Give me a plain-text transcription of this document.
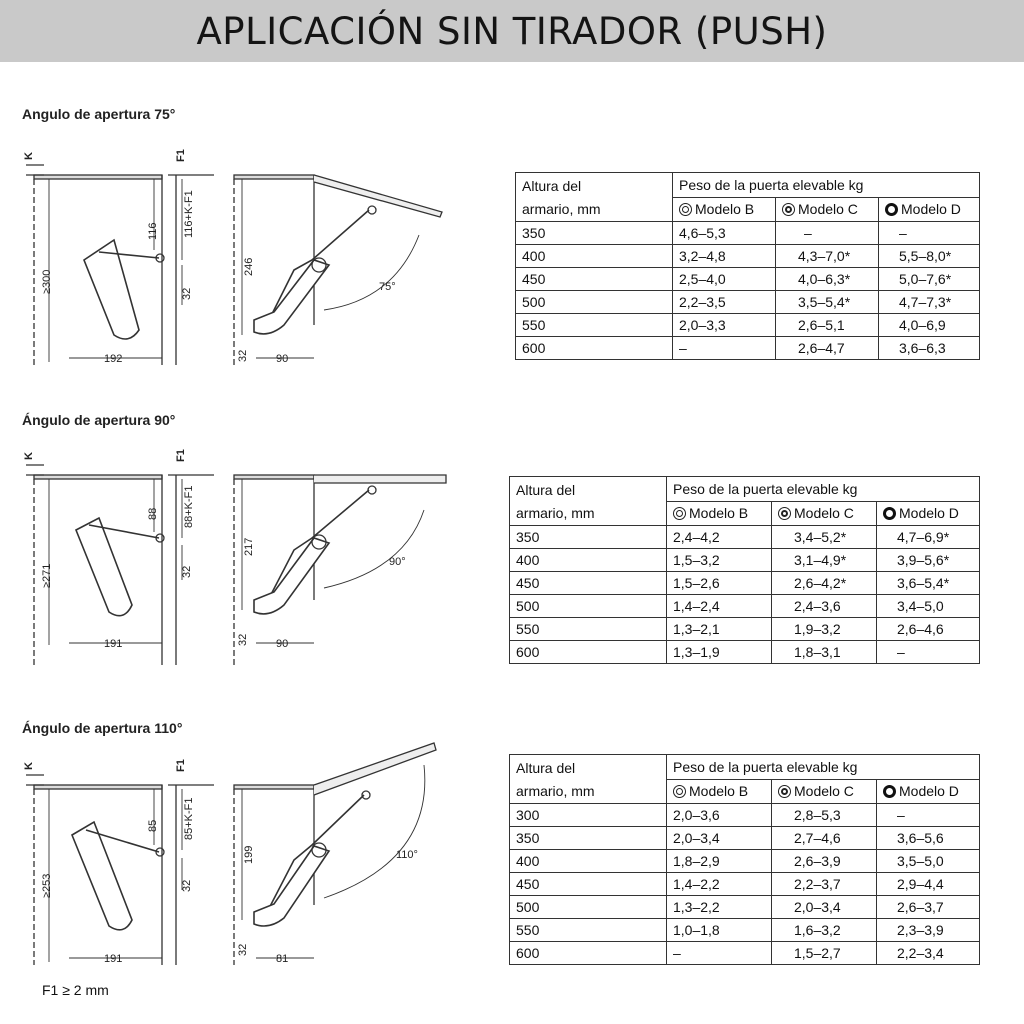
APLICACIÓN SIN TIRADOR (PUSH)
Angulo de apertura 75°
K	F1
116 116+K-F1
≥300	32
192
246
32 90
75°
Altura del
armario, mm	Peso de la puerta elevable kg		
	Modelo B	Modelo C	Modelo D
350	4,6–5,3	–	–
400	3,2–4,8	4,3–7,0*	5,5–8,0*
450	2,5–4,0	4,0–6,3*	5,0–7,6*
500	2,2–3,5	3,5–5,4*	4,7–7,3*
550	2,0–3,3	2,6–5,1	4,0–6,9
600	–	2,6–4,7	3,6–6,3
Ángulo de apertura 90°
K	F1
88 88+K-F1
≥271	32
191
217
32 90
90°
Altura del
armario, mm	Peso de la puerta elevable kg		
	Modelo B	Modelo C	Modelo D
350	2,4–4,2	3,4–5,2*	4,7–6,9*
400	1,5–3,2	3,1–4,9*	3,9–5,6*
450	1,5–2,6	2,6–4,2*	3,6–5,4*
500	1,4–2,4	2,4–3,6	3,4–5,0
550	1,3–2,1	1,9–3,2	2,6–4,6
600	1,3–1,9	1,8–3,1	–
Ángulo de apertura 110°
K	F1
85 85+K-F1
≥253	32
191
199
32
81
110°
Altura del
armario, mm	Peso de la puerta elevable kg		
	Modelo B	Modelo C	Modelo D
300	2,0–3,6	2,8–5,3	–
350	2,0–3,4	2,7–4,6	3,6–5,6
400	1,8–2,9	2,6–3,9	3,5–5,0
450	1,4–2,2	2,2–3,7	2,9–4,4
500	1,3–2,2	2,0–3,4	2,6–3,7
550	1,0–1,8	1,6–3,2	2,3–3,9
600	–	1,5–2,7	2,2–3,4
F1 ≥ 2 mm
